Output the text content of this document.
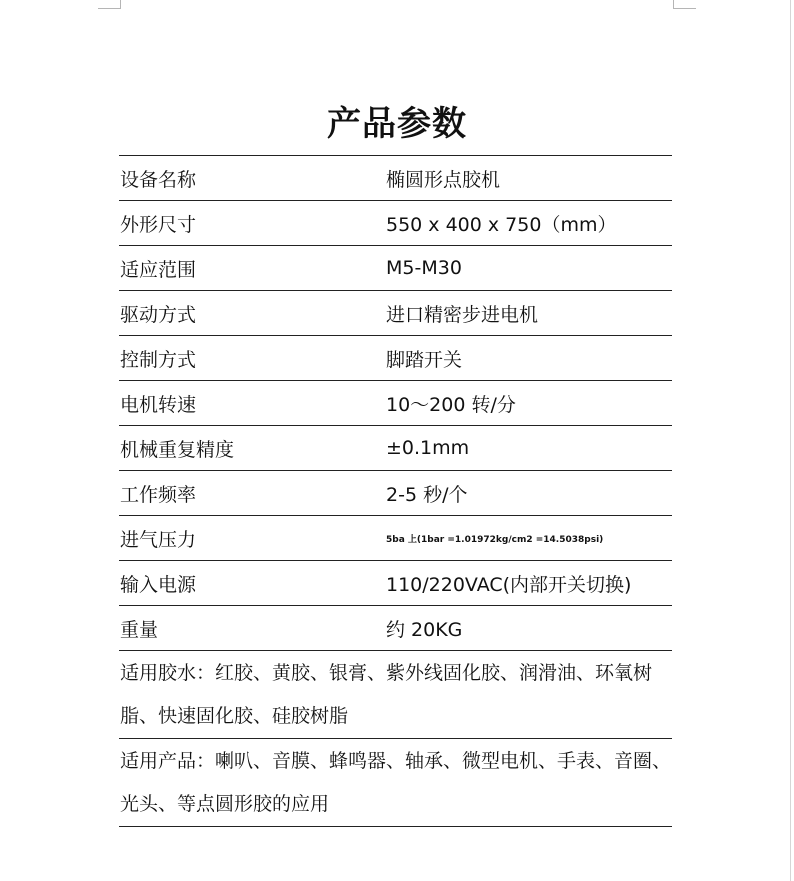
产品参数
设备名称	椭圆形点胶机
外形尺寸	550 x 400 x 750（mm）
适应范围	M5-M30
驱动方式	进口精密步进电机
控制方式	脚踏开关
电机转速	10～200 转/分
机械重复精度	±0.1mm
工作频率	2-5 秒/个
进气压力	5ba 上(1bar =1.01972kg/cm2 =14.5038psi)
输入电源	110/220VAC(内部开关切换)
重量	约 20KG
适用胶水：红胶、黄胶、银膏、紫外线固化胶、润滑油、环氧树
脂、快速固化胶、硅胶树脂
适用产品：喇叭、音膜、蜂鸣器、轴承、微型电机、手表、音圈、
光头、等点圆形胶的应用
